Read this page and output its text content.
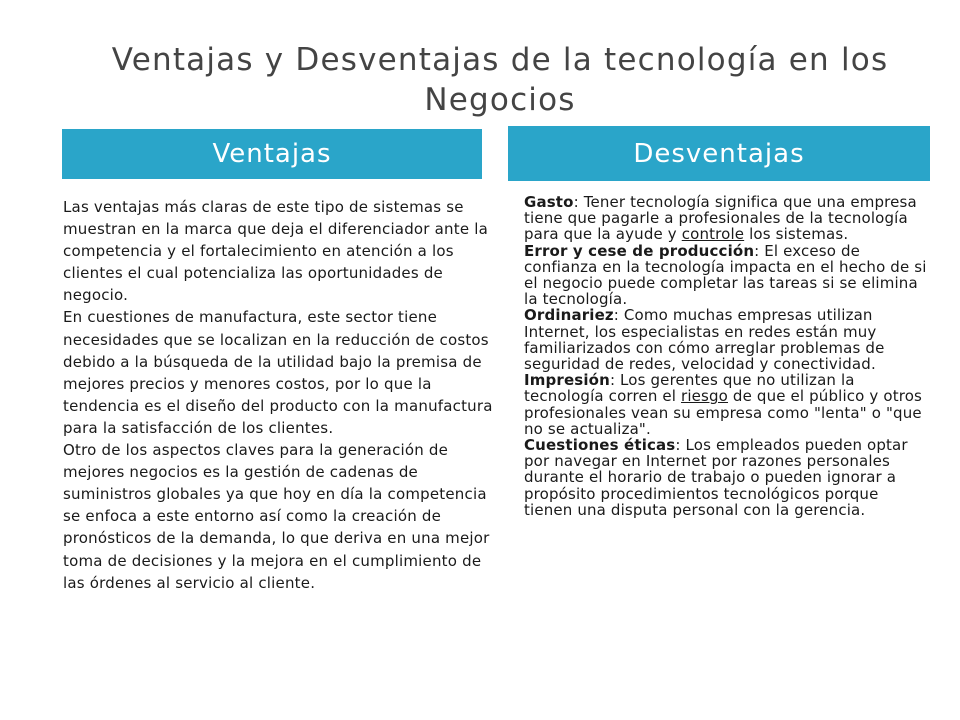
Ventajas y Desventajas de la tecnología en los Negocios
Ventajas	Desventajas

Las ventajas más claras de este tipo de sistemas se muestran en la marca que deja el diferenciador ante la competencia y el fortalecimiento en atención a los clientes el cual potencializa las oportunidades de negocio.

En cuestiones de manufactura, este sector tiene necesidades que se localizan en la reducción de costos debido a la búsqueda de la utilidad bajo la premisa de mejores precios y menores costos, por lo que la tendencia es el diseño del producto con la manufactura para la satisfacción de los clientes.

Otro de los aspectos claves para la generación de mejores negocios es la gestión de cadenas de suministros globales ya que hoy en día la competencia se enfoca a este entorno así como la creación de pronósticos de la demanda, lo que deriva en una mejor toma de decisiones y la mejora en el cumplimiento de las órdenes al servicio al cliente.

Gasto: Tener tecnología significa que una empresa tiene que pagarle a profesionales de la tecnología para que la ayude y controle los sistemas.

Error y cese de producción: El exceso de confianza en la tecnología impacta en el hecho de si el negocio puede completar las tareas si se elimina la tecnología.

Ordinariez: Como muchas empresas utilizan Internet, los especialistas en redes están muy familiarizados con cómo arreglar problemas de seguridad de redes, velocidad y conectividad.

Impresión: Los gerentes que no utilizan la tecnología corren el riesgo de que el público y otros profesionales vean su empresa como "lenta" o "que no se actualiza".

Cuestiones éticas: Los empleados pueden optar por navegar en Internet por razones personales durante el horario de trabajo o pueden ignorar a propósito procedimientos tecnológicos porque tienen una disputa personal con la gerencia.
